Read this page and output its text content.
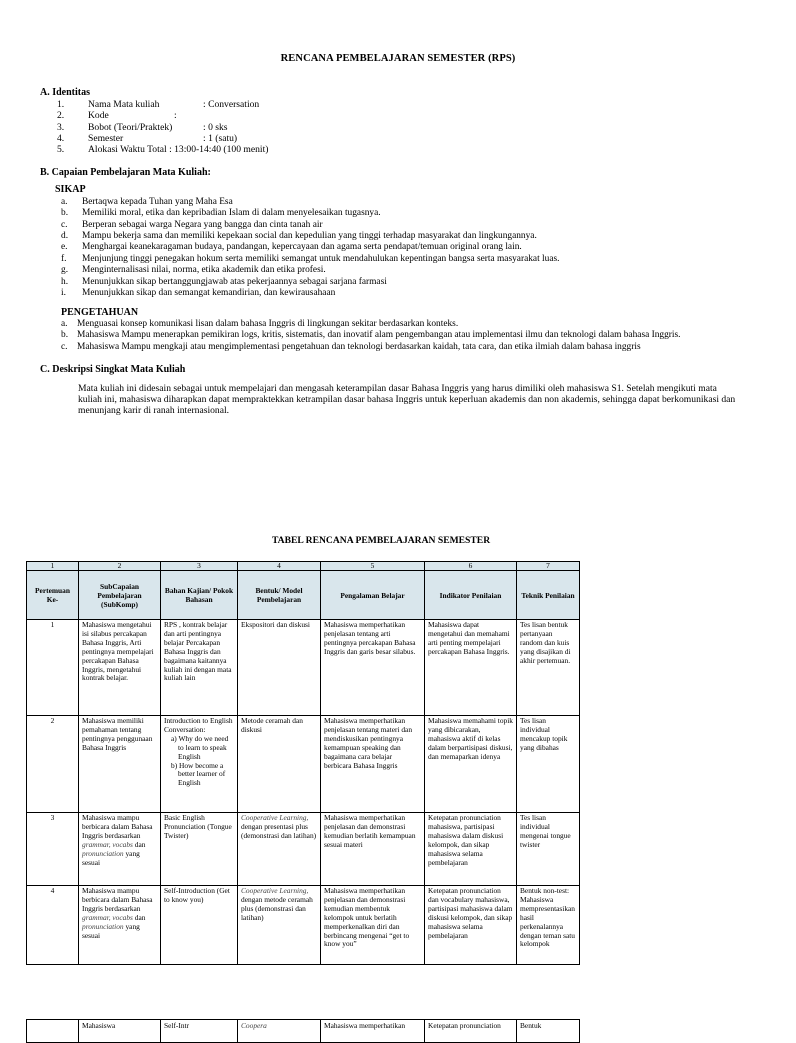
RENCANA PEMBELAJARAN SEMESTER (RPS)
A. Identitas
1. Nama Mata kuliah	: Conversation
2. Kode	:
3. Bobot (Teori/Praktek)	: 0 sks
4. Semester	: 1 (satu)
5. Alokasi Waktu Total : 13:00-14:40 (100 menit)
B. Capaian Pembelajaran Mata Kuliah:
SIKAP
a. Bertaqwa kepada Tuhan yang Maha Esa
b. Memiliki moral, etika dan kepribadian Islam di dalam menyelesaikan tugasnya.
c. Berperan sebagai warga Negara yang bangga dan cinta tanah air
d. Mampu bekerja sama dan memiliki kepekaan social dan kepedulian yang tinggi terhadap masyarakat dan lingkungannya.
e. Menghargai keanekaragaman budaya, pandangan, kepercayaan dan agama serta pendapat/temuan original orang lain.
f. Menjunjung tinggi penegakan hokum serta memiliki semangat untuk mendahulukan kepentingan bangsa serta masyarakat luas.
g. Menginternalisasi nilai, norma, etika akademik dan etika profesi.
h. Menunjukkan sikap bertanggungjawab atas pekerjaannya sebagai sarjana farmasi
i. Menunjukkan sikap dan semangat kemandirian, dan kewirausahaan
PENGETAHUAN
a. Menguasai konsep komunikasi lisan dalam bahasa Inggris di lingkungan sekitar berdasarkan konteks.
b. Mahasiswa Mampu menerapkan pemikiran logs, kritis, sistematis, dan inovatif alam pengembangan atau implementasi ilmu dan teknologi dalam bahasa Inggris.
c. Mahasiswa Mampu mengkaji atau mengimplementasi pengetahuan dan teknologi berdasarkan kaidah, tata cara, dan etika ilmiah dalam bahasa inggris
C. Deskripsi Singkat Mata Kuliah
Mata kuliah ini didesain sebagai untuk mempelajari dan mengasah keterampilan dasar Bahasa Inggris yang harus dimiliki oleh mahasiswa S1. Setelah mengikuti mata kuliah ini, mahasiswa diharapkan dapat mempraktekkan ketrampilan dasar bahasa Inggris untuk keperluan akademis dan non akademis, sehingga dapat berkomunikasi dan menunjang karir di ranah internasional.
TABEL RENCANA PEMBELAJARAN SEMESTER
1	2	3	4	5	6	7
Pertemuan Ke-	SubCapaian Pembelajaran (SubKomp)	Bahan Kajian/ Pokok Bahasan	Bentuk/ Model Pembelajaran	Pengalaman Belajar	Indikator Penilaian	Teknik Penilaian
1	Mahasiswa mengetahui isi silabus percakapan Bahasa Inggris, Arti pentingnya mempelajari percakapan Bahasa Inggris, mengetahui kontrak belajar.	RPS , kontrak belajar dan arti pentingnya belajar Percakapan Bahasa Inggris dan bagaimana kaitannya kuliah ini dengan mata kuliah lain	Ekspositori dan diskusi	Mahasiswa memperhatikan penjelasan tentang arti pentingnya percakapan Bahasa Inggris dan garis besar silabus.	Mahasiswa dapat mengetahui dan memahami arti penting mempelajari percakapan Bahasa Inggris.	Tes lisan bentuk pertanyaan random dan kuis yang disajikan di akhir pertemuan.
2	Mahasiswa memiliki pemahaman tentang pentingnya penggunaan Bahasa Inggris	Introduction to English Conversation:
a) Why do we need to learn to speak English
b) How become a better learner of English	Metode ceramah dan diskusi	Mahasiswa memperhatikan penjelasan tentang materi dan mendiskusikan pentingnya kemampuan speaking dan bagaimana cara belajar berbicara Bahasa Inggris	Mahasiswa memahami topik yang dibicarakan, mahasiswa aktif di kelas dalam berpartisipasi diskusi, dan memaparkan idenya	Tes lisan individual mencakup topik yang dibahas
3	Mahasiswa mampu berbicara dalam Bahasa Inggris berdasarkan grammar, vocabs dan pronunciation yang sesuai	Basic English Pronunciation (Tongue Twister)	Cooperative Learning, dengan presentasi plus (demonstrasi dan latihan)	Mahasiswa memperhatikan penjelasan dan demonstrasi kemudian berlatih kemampuan sesuai materi	Ketepatan pronunciation mahasiswa, partisipasi mahasiswa dalam diskusi kelompok, dan sikap mahasiswa selama pembelajaran	Tes lisan individual mengenai tongue twister
4	Mahasiswa mampu berbicara dalam Bahasa Inggris berdasarkan grammar, vocabs dan pronunciation yang sesuai	Self-Introduction (Get to know you)	Cooperative Learning, dengan metode ceramah plus (demonstrasi dan latihan)	Mahasiswa memperhatikan penjelasan dan demonstrasi kemudian membentuk kelompok untuk berlatih memperkenalkan diri dan berbincang mengenai “get to know you”	Ketepatan pronunciation dan vocabulary mahasiswa, partisipasi mahasiswa dalam diskusi kelompok, dan sikap mahasiswa selama pembelajaran	Bentuk non-test: Mahasiswa mempresentasikan hasil perkenalannya dengan teman satu kelompok
	Mahasiswa	Self-Intr	Coopera	Mahasiswa memperhatikan	Ketepatan pronunciation	Bentuk
